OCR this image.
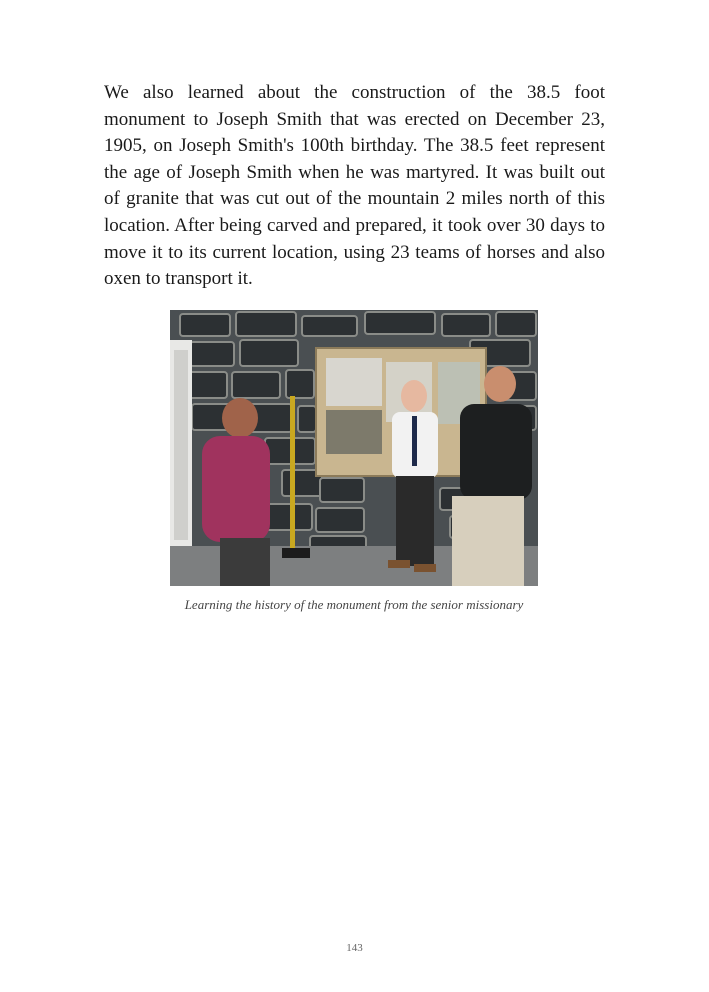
We also learned about the construction of the 38.5 foot monument to Joseph Smith that was erected on December 23, 1905, on Joseph Smith's 100th birthday. The 38.5 feet represent the age of Joseph Smith when he was martyred. It was built out of granite that was cut out of the mountain 2 miles north of this location. After being carved and prepared, it took over 30 days to move it to its current location, using 23 teams of horses and also oxen to transport it.

Learning the history of the monument from the senior missionary

143
